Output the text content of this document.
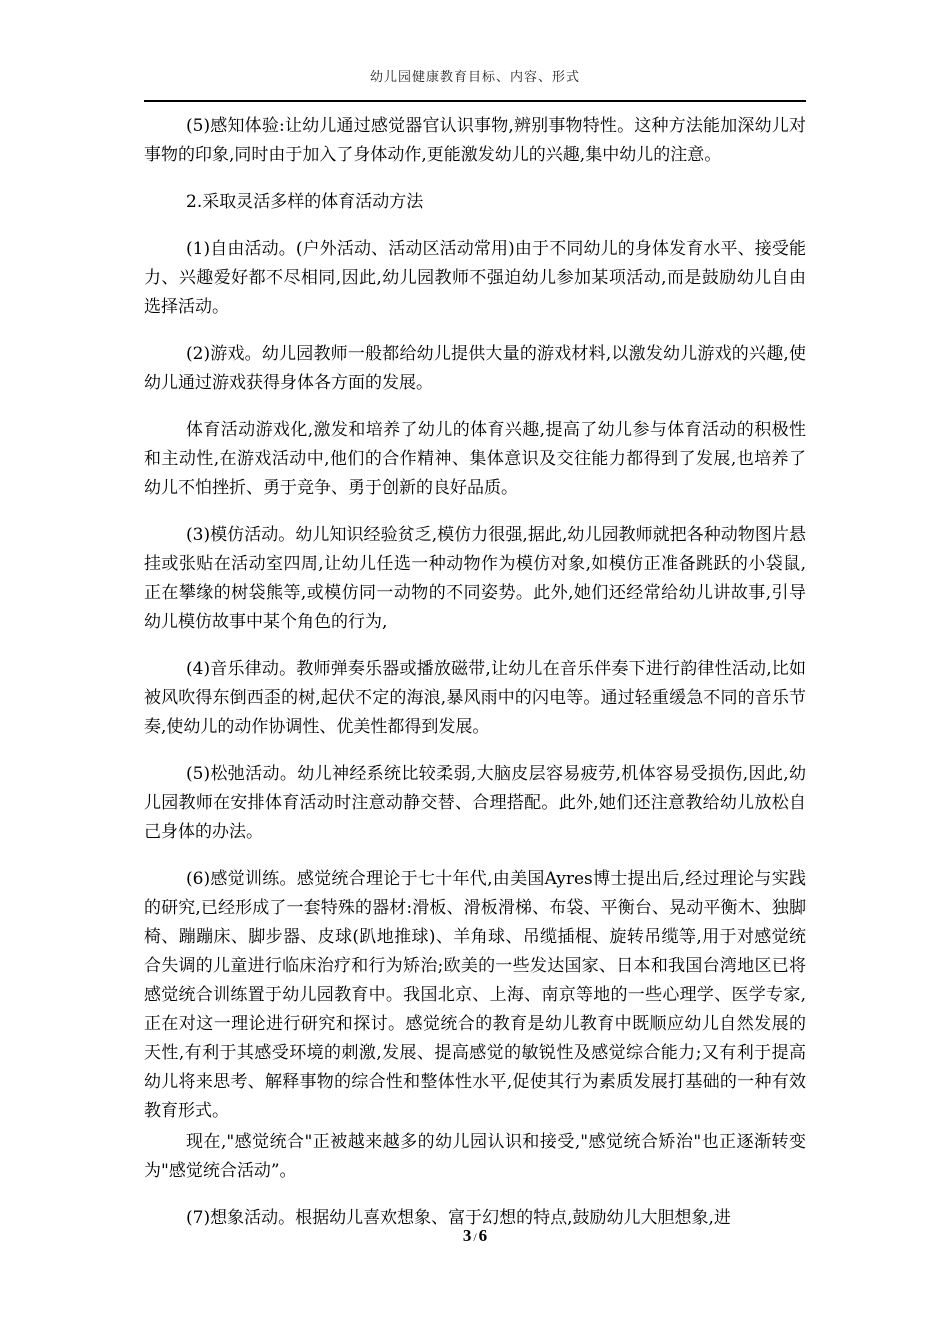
幼儿园健康教育目标、内容、形式

(5)感知体验:让幼儿通过感觉器官认识事物,辨别事物特性。这种方法能加深幼儿对事物的印象,同时由于加入了身体动作,更能激发幼儿的兴趣,集中幼儿的注意。

2.采取灵活多样的体育活动方法

(1)自由活动。(户外活动、活动区活动常用)由于不同幼儿的身体发育水平、接受能力、兴趣爱好都不尽相同,因此,幼儿园教师不强迫幼儿参加某项活动,而是鼓励幼儿自由选择活动。

(2)游戏。幼儿园教师一般都给幼儿提供大量的游戏材料,以激发幼儿游戏的兴趣,使幼儿通过游戏获得身体各方面的发展。

体育活动游戏化,激发和培养了幼儿的体育兴趣,提高了幼儿参与体育活动的积极性和主动性,在游戏活动中,他们的合作精神、集体意识及交往能力都得到了发展,也培养了幼儿不怕挫折、勇于竞争、勇于创新的良好品质。

(3)模仿活动。幼儿知识经验贫乏,模仿力很强,据此,幼儿园教师就把各种动物图片悬挂或张贴在活动室四周,让幼儿任选一种动物作为模仿对象,如模仿正准备跳跃的小袋鼠,正在攀缘的树袋熊等,或模仿同一动物的不同姿势。此外,她们还经常给幼儿讲故事,引导幼儿模仿故事中某个角色的行为,

(4)音乐律动。教师弹奏乐器或播放磁带,让幼儿在音乐伴奏下进行韵律性活动,比如被风吹得东倒西歪的树,起伏不定的海浪,暴风雨中的闪电等。通过轻重缓急不同的音乐节奏,使幼儿的动作协调性、优美性都得到发展。

(5)松弛活动。幼儿神经系统比较柔弱,大脑皮层容易疲劳,机体容易受损伤,因此,幼儿园教师在安排体育活动时注意动静交替、合理搭配。此外,她们还注意教给幼儿放松自己身体的办法。

(6)感觉训练。感觉统合理论于七十年代,由美国Ayres博士提出后,经过理论与实践的研究,已经形成了一套特殊的器材:滑板、滑板滑梯、布袋、平衡台、晃动平衡木、独脚椅、蹦蹦床、脚步器、皮球(趴地推球)、羊角球、吊缆插棍、旋转吊缆等,用于对感觉统合失调的儿童进行临床治疗和行为矫治;欧美的一些发达国家、日本和我国台湾地区已将感觉统合训练置于幼儿园教育中。我国北京、上海、南京等地的一些心理学、医学专家,正在对这一理论进行研究和探讨。感觉统合的教育是幼儿教育中既顺应幼儿自然发展的天性,有利于其感受环境的刺激,发展、提高感觉的敏锐性及感觉综合能力;又有利于提高幼儿将来思考、解释事物的综合性和整体性水平,促使其行为素质发展打基础的一种有效教育形式。

现在,"感觉统合"正被越来越多的幼儿园认识和接受,"感觉统合矫治"也正逐渐转变为"感觉统合活动”。

(7)想象活动。根据幼儿喜欢想象、富于幻想的特点,鼓励幼儿大胆想象,进

3 / 6
